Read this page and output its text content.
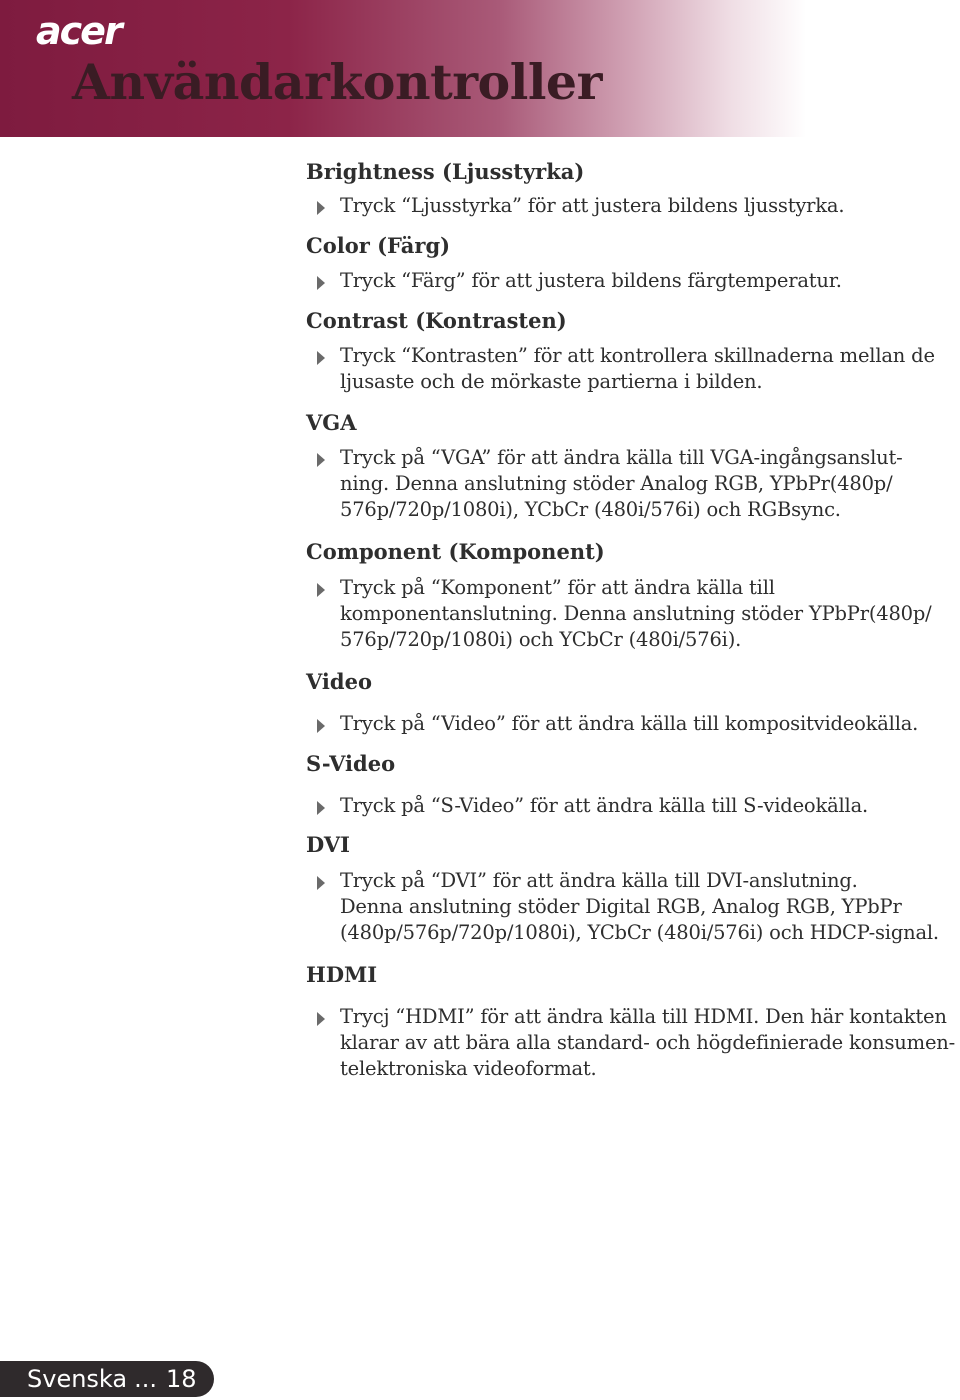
acer
Användarkontroller
Brightness (Ljusstyrka)

Tryck “Ljusstyrka” för att justera bildens ljusstyrka.

Color (Färg)

Tryck “Färg” för att justera bildens färgtemperatur.

Contrast (Kontrasten)

Tryck “Kontrasten” för att kontrollera skillnaderna mellan de

ljusaste och de mörkaste partierna i bilden.

VGA

Tryck på “VGA” för att ändra källa till VGA-ingångsanslut-

ning. Denna anslutning stöder Analog RGB, YPbPr(480p/

576p/720p/1080i), YCbCr (480i/576i) och RGBsync.

Component (Komponent)

Tryck på “Komponent” för att ändra källa till

komponentanslutning. Denna anslutning stöder YPbPr(480p/

576p/720p/1080i) och YCbCr (480i/576i).

Video

Tryck på “Video” för att ändra källa till kompositvideokälla.

S-Video

Tryck på “S-Video” för att ändra källa till S-videokälla.

DVI

Tryck på “DVI” för att ändra källa till DVI-anslutning.

Denna anslutning stöder Digital RGB, Analog RGB, YPbPr

(480p/576p/720p/1080i), YCbCr (480i/576i) och HDCP-signal.

HDMI

Trycj “HDMI” för att ändra källa till HDMI. Den här kontakten

klarar av att bära alla standard- och högdefinierade konsumen-

telektroniska videoformat.

Svenska ... 18
